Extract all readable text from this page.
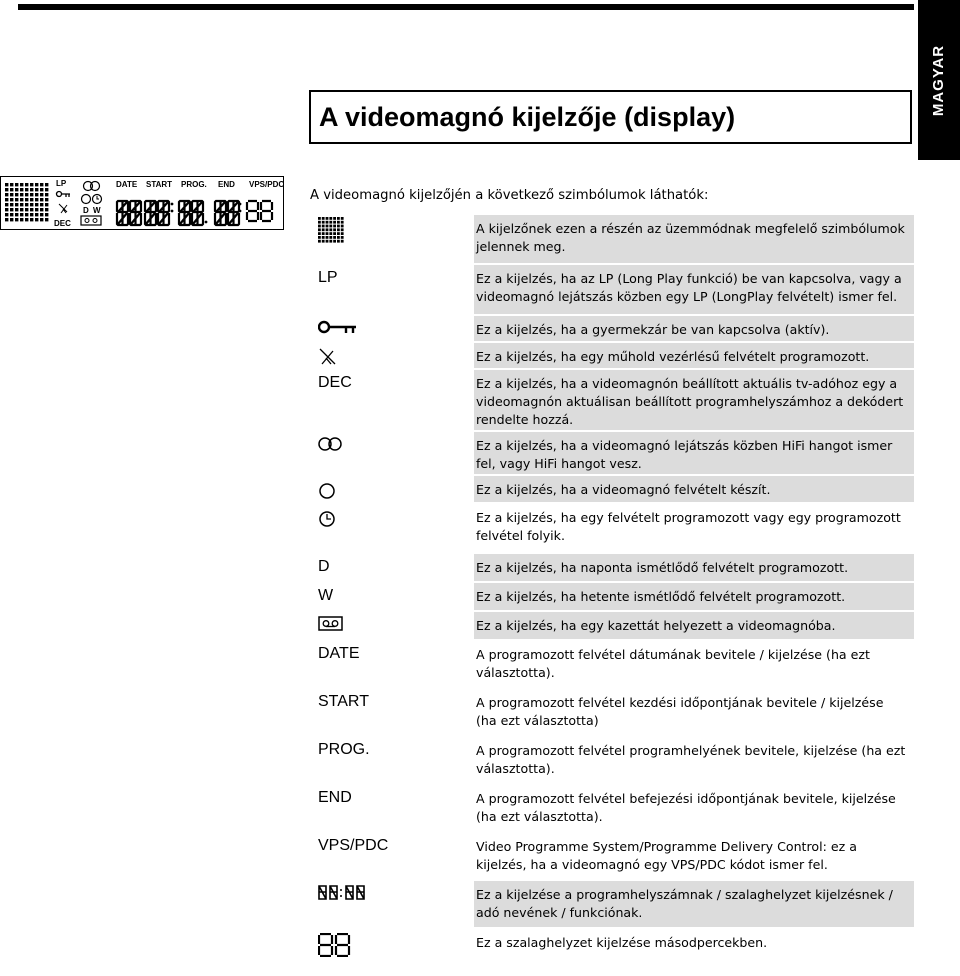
MAGYAR
A videomagnó kijelzője (display)
LP
DEC
D W
DATE START PROG. END VPS/PDC
A videomagnó kijelzőjén a következő szimbólumok láthatók:
A kijelzőnek ezen a részén az üzemmódnak megfelelő szimbólumok jelennek meg.
LP	Ez a kijelzés, ha az LP (Long Play funkció) be van kapcsolva, vagy a videomagnó lejátszás közben egy LP (LongPlay felvételt) ismer fel.
Ez a kijelzés, ha a gyermekzár be van kapcsolva (aktív).
Ez a kijelzés, ha egy műhold vezérlésű felvételt programozott.
DEC	Ez a kijelzés, ha a videomagnón beállított aktuális tv-adóhoz egy a videomagnón aktuálisan beállított programhelyszámhoz a dekódert rendelte hozzá.
Ez a kijelzés, ha a videomagnó lejátszás közben HiFi hangot ismer fel, vagy HiFi hangot vesz.
Ez a kijelzés, ha a videomagnó felvételt készít.
Ez a kijelzés, ha egy felvételt programozott vagy egy programozott felvétel folyik.
D	Ez a kijelzés, ha naponta ismétlődő felvételt programozott.
W	Ez a kijelzés, ha hetente ismétlődő felvételt programozott.
Ez a kijelzés, ha egy kazettát helyezett a videomagnóba.
DATE	A programozott felvétel dátumának bevitele / kijelzése (ha ezt választotta).
START	A programozott felvétel kezdési időpontjának bevitele / kijelzése (ha ezt választotta)
PROG.	A programozott felvétel programhelyének bevitele, kijelzése (ha ezt választotta).
END	A programozott felvétel befejezési időpontjának bevitele, kijelzése (ha ezt választotta).
VPS/PDC	Video Programme System/Programme Delivery Control: ez a kijelzés, ha a videomagnó egy VPS/PDC kódot ismer fel.
Ez a kijelzése a programhelyszámnak / szalaghelyzet kijelzésnek / adó nevének / funkciónak.
Ez a szalaghelyzet kijelzése másodpercekben.
